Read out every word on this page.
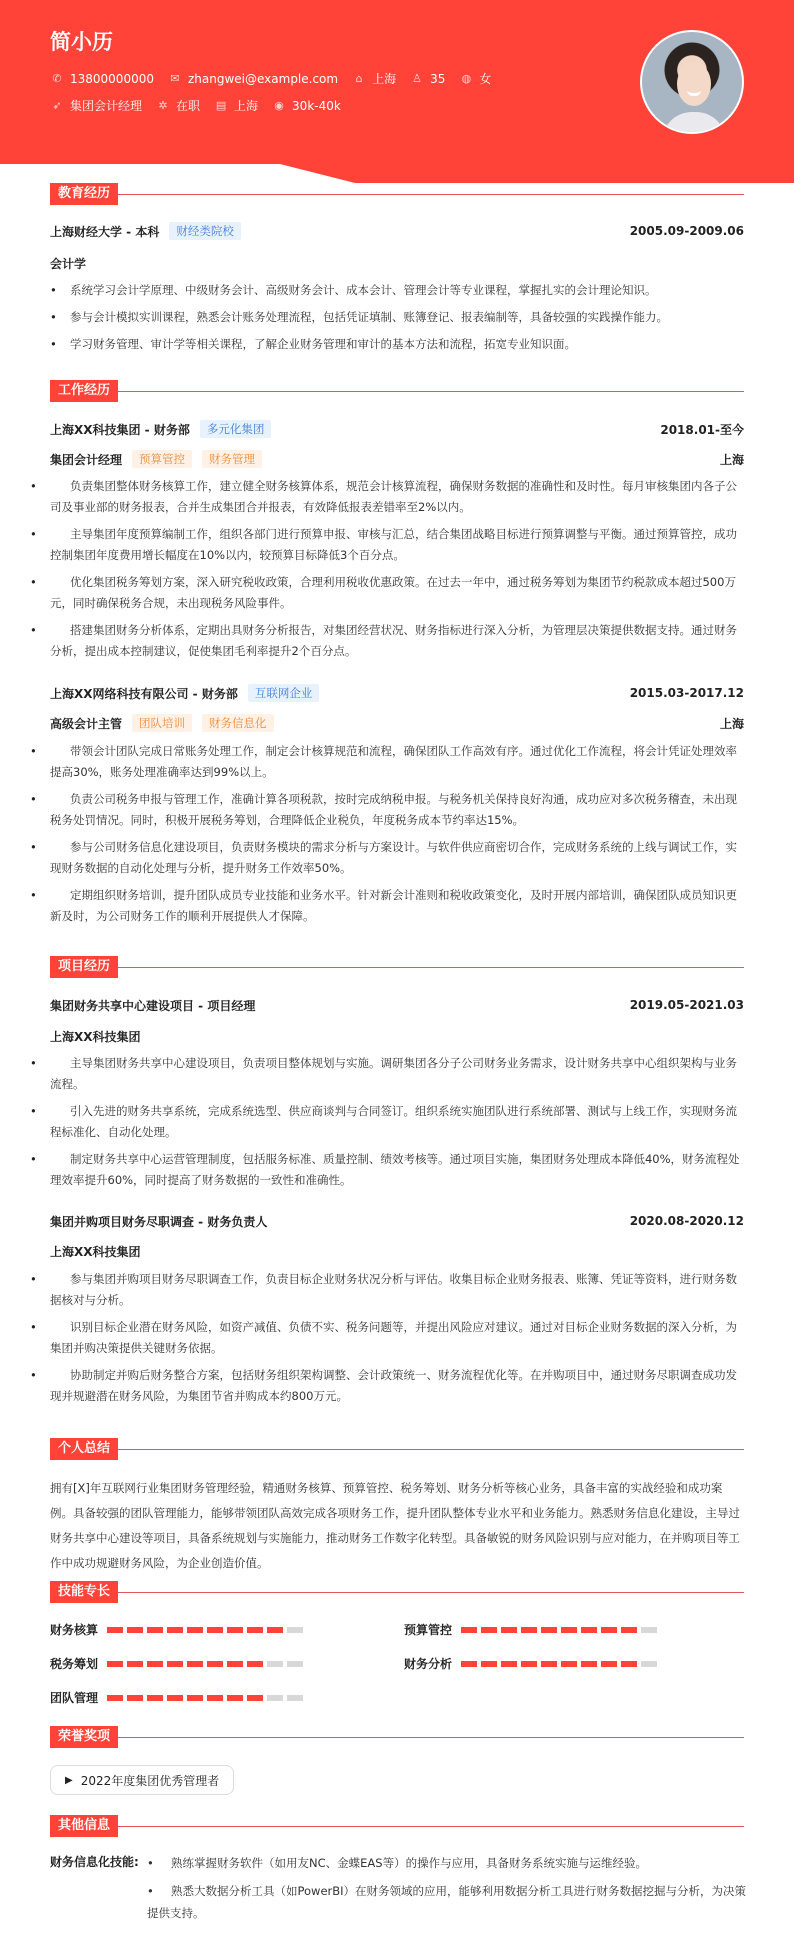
简小历
✆ 13800000000 ✉ zhangwei@example.com	⌂ 上海 ♙ 35 ◍ 女
➶ 集团会计经理 ✲ 在职 ▤ 上海 ◉ 30k-40k
教育经历
上海财经大学 - 本科	财经类院校	2005.09-2009.06
会计学
• 系统学习会计学原理、中级财务会计、高级财务会计、成本会计、管理会计等专业课程，掌握扎实的会计理论知识。
• 参与会计模拟实训课程，熟悉会计账务处理流程，包括凭证填制、账簿登记、报表编制等，具备较强的实践操作能力。
• 学习财务管理、审计学等相关课程，了解企业财务管理和审计的基本方法和流程，拓宽专业知识面。
工作经历
上海XX科技集团 - 财务部	多元化集团	2018.01-至今
集团会计经理	预算管控	财务管理	上海
• 负责集团整体财务核算工作，建立健全财务核算体系，规范会计核算流程，确保财务数据的准确性和及时性。每月审核集团内各子公司及事业部的财务报表，合并生成集团合并报表，有效降低报表差错率至2%以内。
• 主导集团年度预算编制工作，组织各部门进行预算申报、审核与汇总，结合集团战略目标进行预算调整与平衡。通过预算管控，成功控制集团年度费用增长幅度在10%以内，较预算目标降低3个百分点。
• 优化集团税务筹划方案，深入研究税收政策，合理利用税收优惠政策。在过去一年中，通过税务筹划为集团节约税款成本超过500万元，同时确保税务合规，未出现税务风险事件。
• 搭建集团财务分析体系，定期出具财务分析报告，对集团经营状况、财务指标进行深入分析，为管理层决策提供数据支持。通过财务分析，提出成本控制建议，促使集团毛利率提升2个百分点。
上海XX网络科技有限公司 - 财务部	互联网企业	2015.03-2017.12
高级会计主管	团队培训	财务信息化	上海
• 带领会计团队完成日常账务处理工作，制定会计核算规范和流程，确保团队工作高效有序。通过优化工作流程，将会计凭证处理效率提高30%，账务处理准确率达到99%以上。
• 负责公司税务申报与管理工作，准确计算各项税款，按时完成纳税申报。与税务机关保持良好沟通，成功应对多次税务稽查，未出现税务处罚情况。同时，积极开展税务筹划，合理降低企业税负，年度税务成本节约率达15%。
• 参与公司财务信息化建设项目，负责财务模块的需求分析与方案设计。与软件供应商密切合作，完成财务系统的上线与调试工作，实现财务数据的自动化处理与分析，提升财务工作效率50%。
• 定期组织财务培训，提升团队成员专业技能和业务水平。针对新会计准则和税收政策变化，及时开展内部培训，确保团队成员知识更新及时，为公司财务工作的顺利开展提供人才保障。
项目经历
集团财务共享中心建设项目 - 项目经理	2019.05-2021.03
上海XX科技集团
• 主导集团财务共享中心建设项目，负责项目整体规划与实施。调研集团各分子公司财务业务需求，设计财务共享中心组织架构与业务流程。
• 引入先进的财务共享系统，完成系统选型、供应商谈判与合同签订。组织系统实施团队进行系统部署、测试与上线工作，实现财务流程标准化、自动化处理。
• 制定财务共享中心运营管理制度，包括服务标准、质量控制、绩效考核等。通过项目实施，集团财务处理成本降低40%，财务流程处理效率提升60%，同时提高了财务数据的一致性和准确性。
集团并购项目财务尽职调查 - 财务负责人	2020.08-2020.12
上海XX科技集团
• 参与集团并购项目财务尽职调查工作，负责目标企业财务状况分析与评估。收集目标企业财务报表、账簿、凭证等资料，进行财务数据核对与分析。
• 识别目标企业潜在财务风险，如资产减值、负债不实、税务问题等，并提出风险应对建议。通过对目标企业财务数据的深入分析，为集团并购决策提供关键财务依据。
• 协助制定并购后财务整合方案，包括财务组织架构调整、会计政策统一、财务流程优化等。在并购项目中，通过财务尽职调查成功发现并规避潜在财务风险，为集团节省并购成本约800万元。
个人总结
拥有[X]年互联网行业集团财务管理经验，精通财务核算、预算管控、税务筹划、财务分析等核心业务，具备丰富的实战经验和成功案例。具备较强的团队管理能力，能够带领团队高效完成各项财务工作，提升团队整体专业水平和业务能力。熟悉财务信息化建设，主导过财务共享中心建设等项目，具备系统规划与实施能力，推动财务工作数字化转型。具备敏锐的财务风险识别与应对能力，在并购项目等工作中成功规避财务风险，为企业创造价值。
技能专长
财务核算	预算管控
税务筹划	财务分析
团队管理
荣誉奖项
▶ 2022年度集团优秀管理者
其他信息
财务信息化技能:	• 熟练掌握财务软件（如用友NC、金蝶EAS等）的操作与应用，具备财务系统实施与运维经验。
• 熟悉大数据分析工具（如PowerBI）在财务领域的应用，能够利用数据分析工具进行财务数据挖掘与分析，为决策提供支持。
